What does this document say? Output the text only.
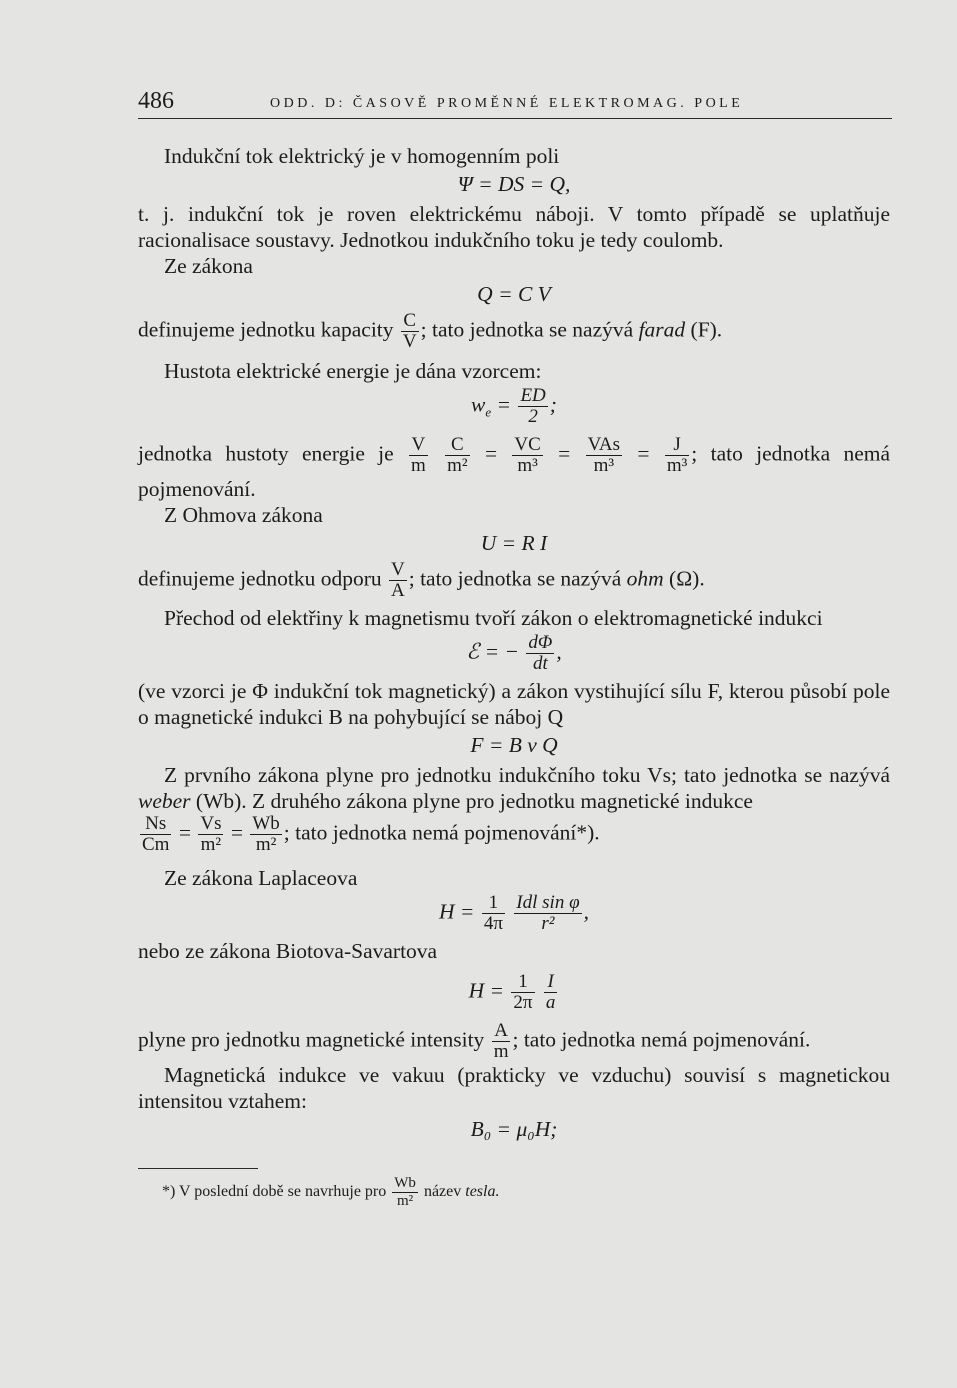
486	ODD. D: ČASOVĚ PROMĚNNÉ ELEKTROMAG. POLE

Indukční tok elektrický je v homogenním poli

Ψ = DS = Q,

t. j. indukční tok je roven elektrickému náboji. V tomto případě se uplatňuje racionalisace soustavy. Jednotkou indukčního toku je tedy coulomb.

Ze zákona

Q = C V

definujeme jednotku kapacity $\frac{C}{V}$ ; tato jednotka se nazývá farad (F).

Hustota elektrické energie je dána vzorcem:

$w_e = \frac{ED}{2}$ ;

jednotka hustoty energie je $\frac{V}{m}$
$\frac{C}{\text{m²}} = \frac{VC}{\text{m³}} = \frac{\text{VAs}}{\text{m³}} = \frac{J}{\text{m³}}$ ; tato jednotka nemá pojmenování.

Z Ohmova zákona

U = R I

definujeme jednotku odporu $\frac{V}{A}$ ; tato jednotka se nazývá ohm (Ω).

Přechod od elektřiny k magnetismu tvoří zákon o elektromagnetické indukci

ℰ = − $\frac{d\Phi}{dt}$ ,

(ve vzorci je Φ indukční tok magnetický) a zákon vystihující sílu F, kterou působí pole o magnetické indukci B na pohybující se náboj Q

F = B v Q

Z prvního zákona plyne pro jednotku indukčního toku Vs; tato jednotka se nazývá weber (Wb). Z druhého zákona plyne pro jednotku magnetické indukce

$\frac{Ns}{Cm} = \frac{Vs}{\text{m²}} = \frac{Wb}{\text{m²}}$ ; tato jednotka nemá pojmenování*).

Ze zákona Laplaceova

$H = \frac{1}{4\pi}$
$\frac{\text{Idl sin φ}}{\text{r²}}$ ,

nebo ze zákona Biotova-Savartova

$H = \frac{1}{2\pi}$
$\frac{I}{a}$

plyne pro jednotku magnetické intensity $\frac{A}{m}$ ; tato jednotka nemá pojmenování.

Magnetická indukce ve vakuu (prakticky ve vzduchu) souvisí s magnetickou intensitou vztahem:

B₀ = μ₀H;
*) V poslední době se navrhuje pro $\frac{Wb}{\text{m²}}$ název tesla.
